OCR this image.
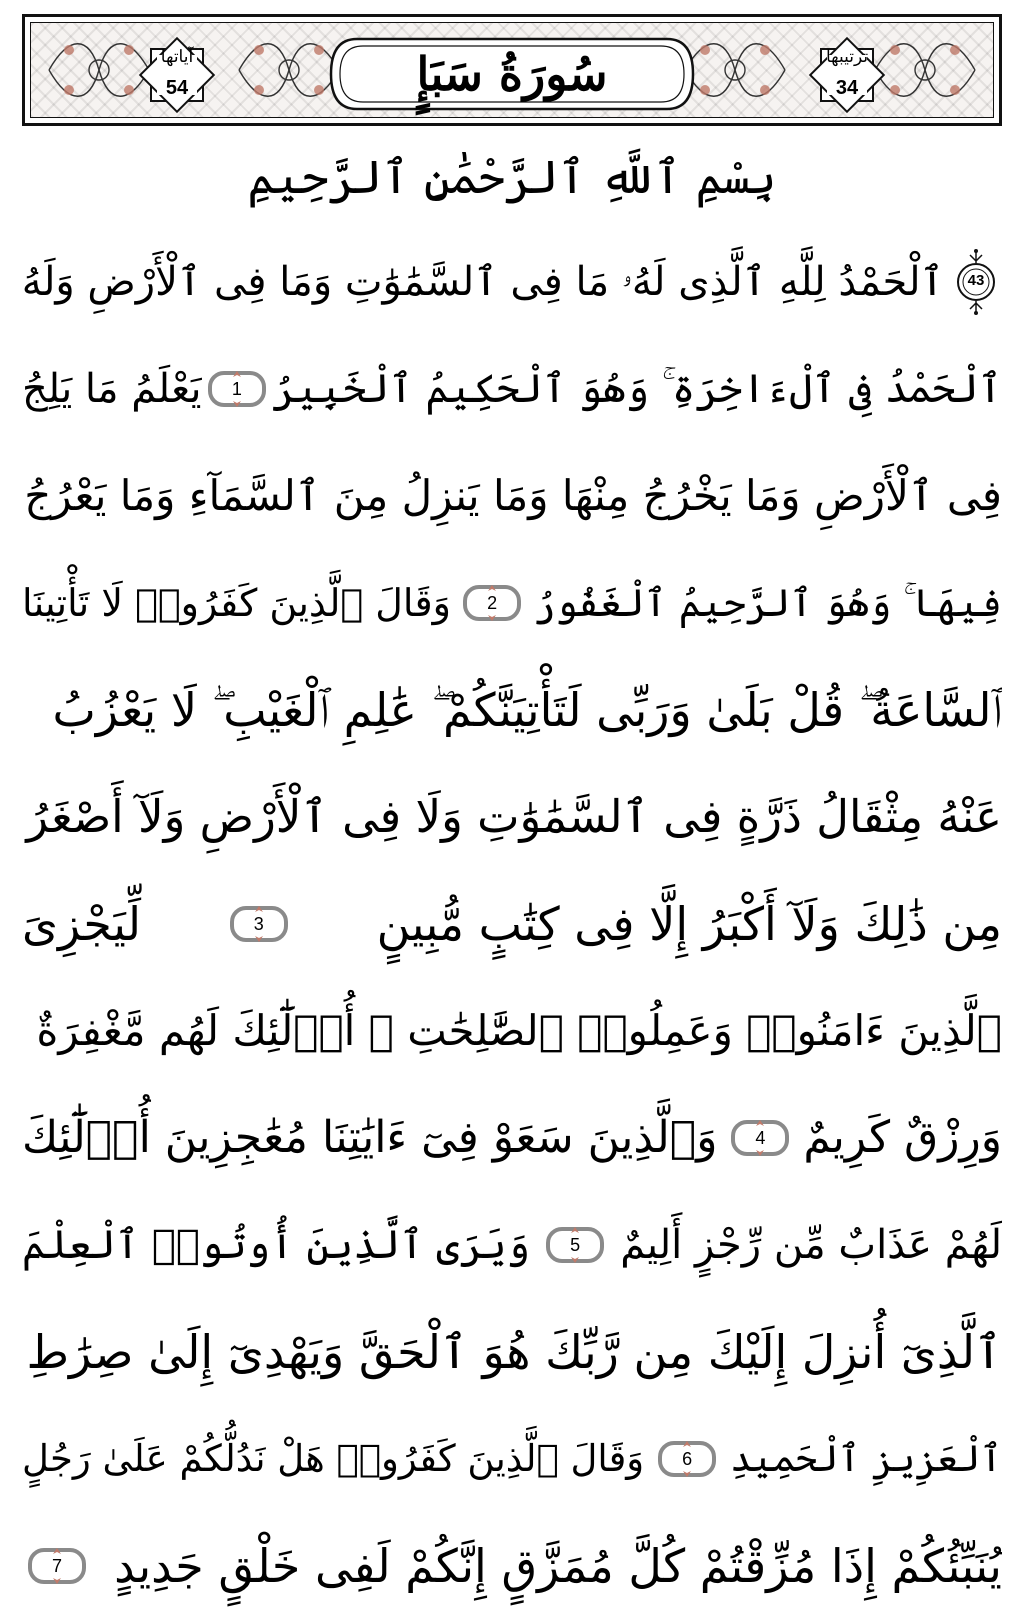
آياتها
54	سُورَةُ سَبَإٍ	ترتيبها
34
بِسْمِ ٱللَّهِ ٱلرَّحْمَٰنِ ٱلرَّحِيمِ
43
ٱلْحَمْدُ لِلَّهِ ٱلَّذِى لَهُۥ مَا فِى ٱلسَّمَٰوَٰتِ وَمَا فِى ٱلْأَرْضِ وَلَهُ
ٱلْحَمْدُ فِى ٱلْءَاخِرَةِ ۚ وَهُوَ ٱلْحَكِيمُ ٱلْخَبِيرُ
1
يَعْلَمُ مَا يَلِجُ
فِى ٱلْأَرْضِ وَمَا يَخْرُجُ مِنْهَا وَمَا يَنزِلُ مِنَ ٱلسَّمَآءِ وَمَا يَعْرُجُ
فِيهَا ۚ وَهُوَ ٱلرَّحِيمُ ٱلْغَفُورُ
2
وَقَالَ ٱلَّذِينَ كَفَرُوا۟ لَا تَأْتِينَا
ٱلسَّاعَةُ ۖ قُلْ بَلَىٰ وَرَبِّى لَتَأْتِيَنَّكُمْ ۖ عَٰلِمِ ٱلْغَيْبِ ۖ لَا يَعْزُبُ
عَنْهُ مِثْقَالُ ذَرَّةٍ فِى ٱلسَّمَٰوَٰتِ وَلَا فِى ٱلْأَرْضِ وَلَآ أَصْغَرُ
مِن ذَٰلِكَ وَلَآ أَكْبَرُ إِلَّا فِى كِتَٰبٍ مُّبِينٍ
3
لِّيَجْزِىَ
ٱلَّذِينَ ءَامَنُوا۟ وَعَمِلُوا۟ ٱلصَّٰلِحَٰتِ ۚ أُو۟لَٰٓئِكَ لَهُم مَّغْفِرَةٌ
وَرِزْقٌ كَرِيمٌ
4
وَٱلَّذِينَ سَعَوْ فِىٓ ءَايَٰتِنَا مُعَٰجِزِينَ أُو۟لَٰٓئِكَ
لَهُمْ عَذَابٌ مِّن رِّجْزٍ أَلِيمٌ
5
وَيَرَى ٱلَّذِينَ أُوتُوا۟ ٱلْعِلْمَ
ٱلَّذِىٓ أُنزِلَ إِلَيْكَ مِن رَّبِّكَ هُوَ ٱلْحَقَّ وَيَهْدِىٓ إِلَىٰ صِرَٰطِ
ٱلْعَزِيزِ ٱلْحَمِيدِ
6
وَقَالَ ٱلَّذِينَ كَفَرُوا۟ هَلْ نَدُلُّكُمْ عَلَىٰ رَجُلٍ
يُنَبِّئُكُمْ إِذَا مُزِّقْتُمْ كُلَّ مُمَزَّقٍ إِنَّكُمْ لَفِى خَلْقٍ جَدِيدٍ
7
